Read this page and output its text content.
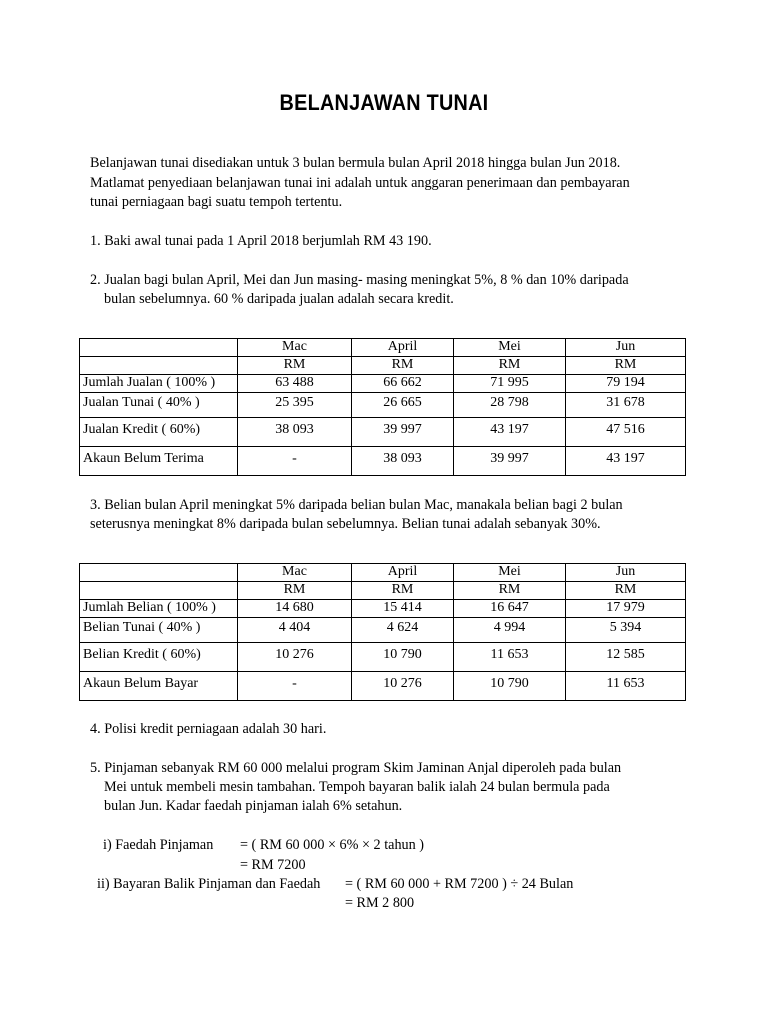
BELANJAWAN TUNAI
Belanjawan tunai disediakan untuk 3 bulan bermula bulan April 2018 hingga bulan Jun 2018.
Matlamat penyediaan belanjawan tunai ini adalah untuk anggaran penerimaan dan pembayaran
tunai perniagaan bagi suatu tempoh tertentu.
1. Baki awal tunai pada 1 April 2018 berjumlah RM 43 190.
2. Jualan bagi bulan April, Mei dan Jun masing- masing meningkat 5%, 8 % dan 10% daripada
bulan sebelumnya. 60 % daripada jualan adalah secara kredit.
	Mac	April	Mei	Jun
	RM	RM	RM	RM
Jumlah Jualan ( 100% )	63 488	66 662	71 995	79 194
Jualan Tunai ( 40% )	25 395	26 665	28 798	31 678
Jualan Kredit ( 60%)	38 093	39 997	43 197	47 516
Akaun Belum Terima	-	38 093	39 997	43 197
3. Belian bulan April meningkat 5% daripada belian bulan Mac, manakala belian bagi 2 bulan
seterusnya meningkat 8% daripada bulan sebelumnya. Belian tunai adalah sebanyak 30%.
	Mac	April	Mei	Jun
	RM	RM	RM	RM
Jumlah Belian ( 100% )	14 680	15 414	16 647	17 979
Belian Tunai ( 40% )	4 404	4 624	4 994	5 394
Belian Kredit ( 60%)	10 276	10 790	11 653	12 585
Akaun Belum Bayar	-	10 276	10 790	11 653
4. Polisi kredit perniagaan adalah 30 hari.
5. Pinjaman sebanyak RM 60 000 melalui program Skim Jaminan Anjal diperoleh pada bulan
Mei untuk membeli mesin tambahan. Tempoh bayaran balik ialah 24 bulan bermula pada
bulan Jun. Kadar faedah pinjaman ialah 6% setahun.
i) Faedah Pinjaman = ( RM 60 000 × 6% × 2 tahun )
= RM 7200
ii) Bayaran Balik Pinjaman dan Faedah = ( RM 60 000 + RM 7200 ) ÷ 24 Bulan
= RM 2 800
